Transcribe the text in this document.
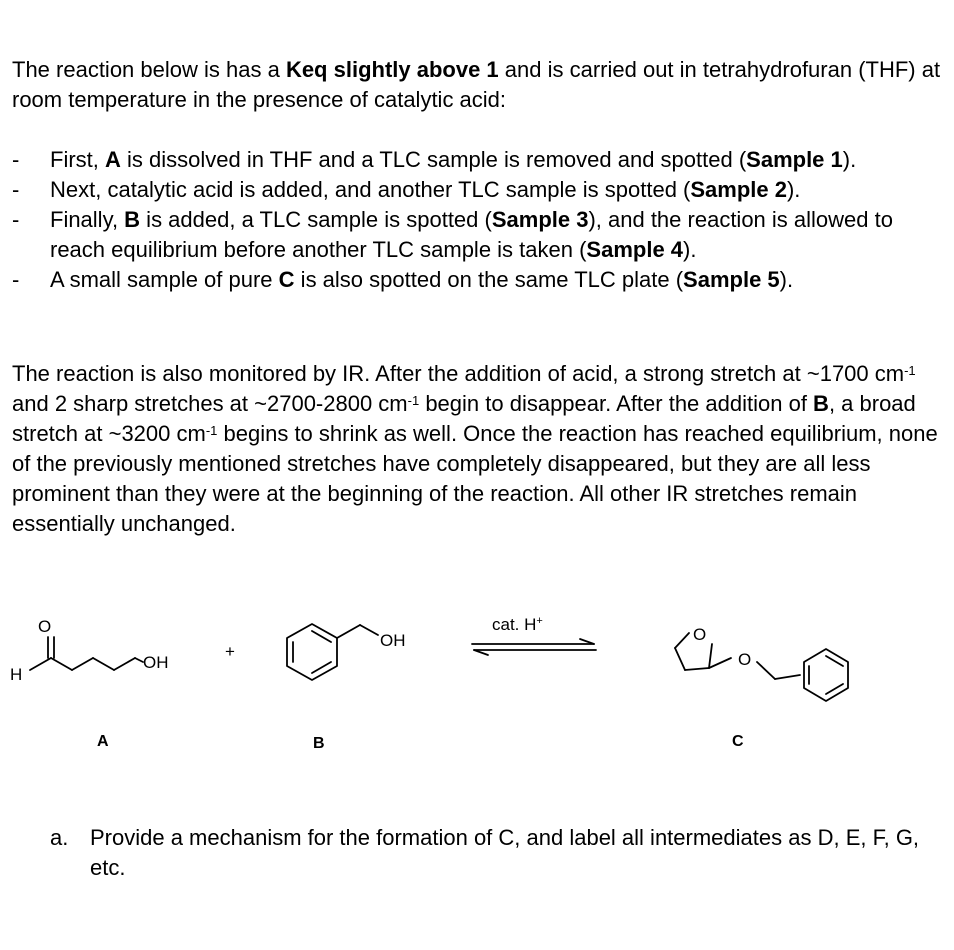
The reaction below is has a Keq slightly above 1 and is carried out in tetrahydrofuran (THF) at room temperature in the presence of catalytic acid:
- First, A is dissolved in THF and a TLC sample is removed and spotted (Sample 1).
- Next, catalytic acid is added, and another TLC sample is spotted (Sample 2).
- Finally, B is added, a TLC sample is spotted (Sample 3), and the reaction is allowed to reach equilibrium before another TLC sample is taken (Sample 4).
- A small sample of pure C is also spotted on the same TLC plate (Sample 5).
The reaction is also monitored by IR. After the addition of acid, a strong stretch at ~1700 $cm^{-1}$ and 2 sharp stretches at ~2700-2800 $cm^{-1}$ begin to disappear. After the addition of B, a broad stretch at ~3200 $cm^{-1}$ begins to shrink as well. Once the reaction has reached equilibrium, none of the previously mentioned stretches have completely disappeared, but they are all less prominent than they were at the beginning of the reaction. All other IR stretches remain essentially unchanged.
O
H
OH
+
OH
cat. H+
O
O
A	B	C
a. Provide a mechanism for the formation of C, and label all intermediates as D, E, F, G, etc.
